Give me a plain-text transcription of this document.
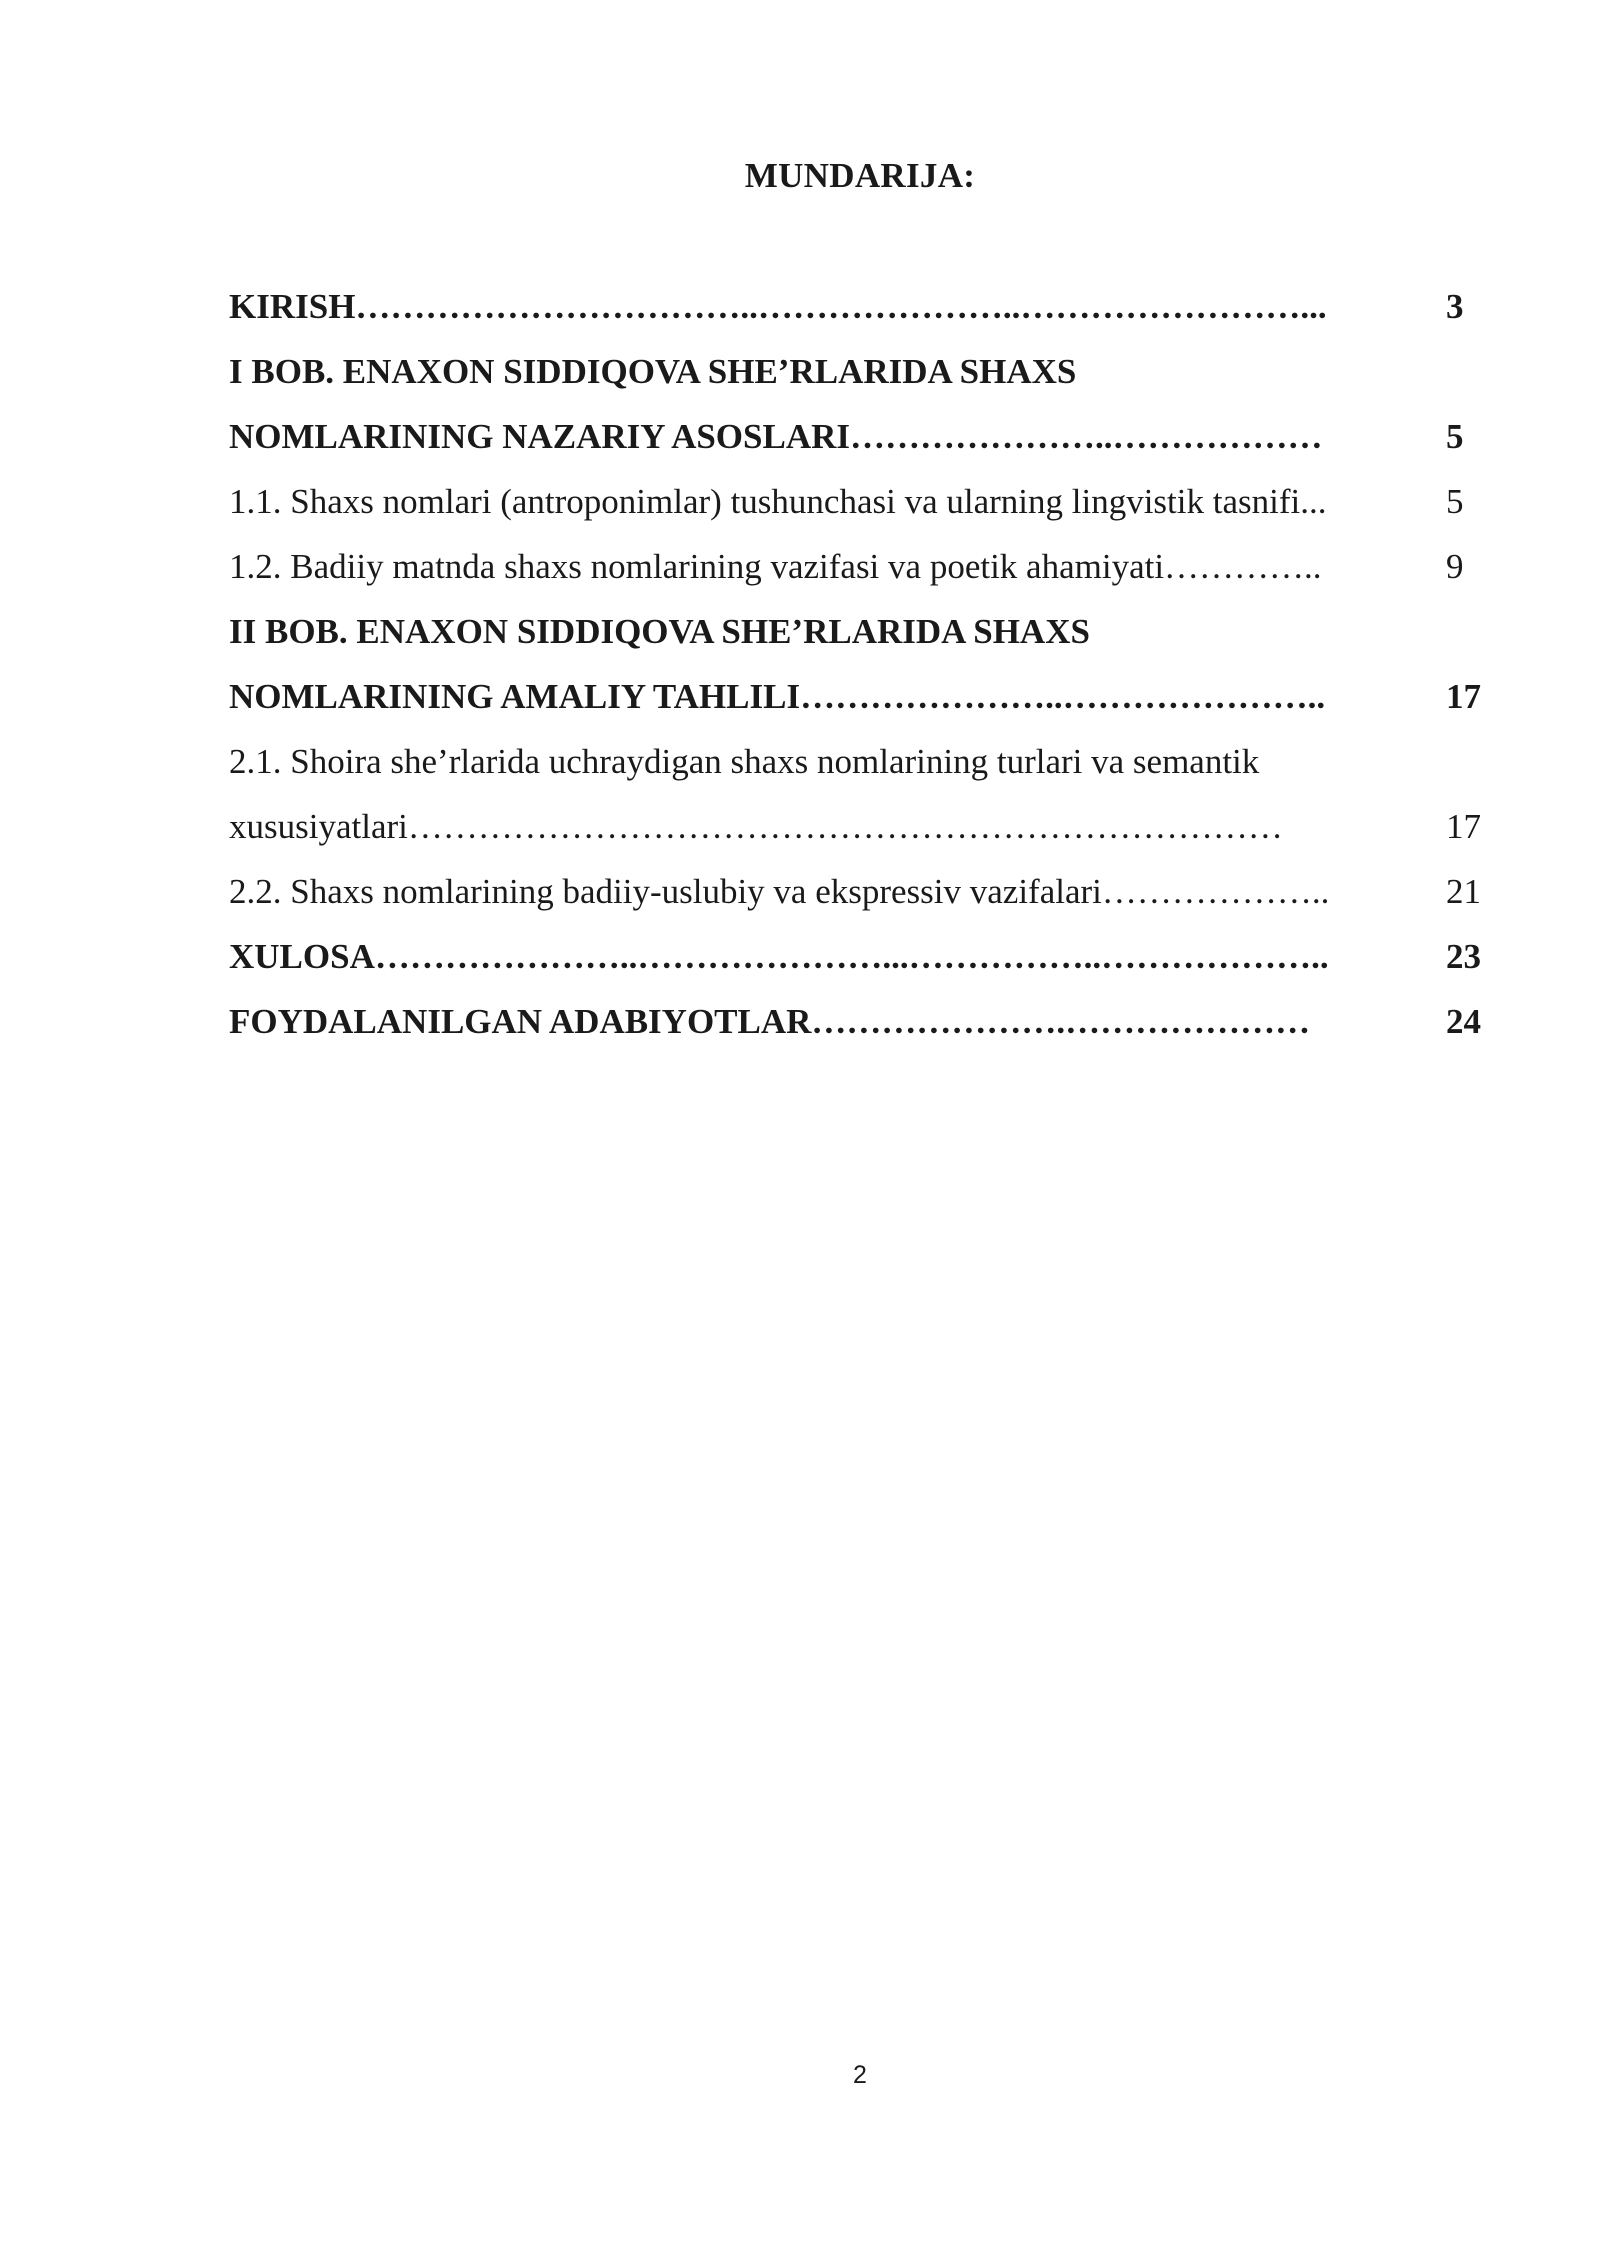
MUNDARIJA:
KIRISH……………………………..…………………..……………………...	3
I BOB. ENAXON SIDDIQOVA SHE’RLARIDA SHAXS
NOMLARINING NAZARIY ASOSLARI…………………..………………	5
1.1. Shaxs nomlari (antroponimlar) tushunchasi va ularning lingvistik tasnifi...	5
1.2. Badiiy matnda shaxs nomlarining vazifasi va poetik ahamiyati…………..	9
II BOB. ENAXON SIDDIQOVA SHE’RLARIDA SHAXS
NOMLARINING AMALIY TAHLILI…………………..…………………..	17
2.1. Shoira she’rlarida uchraydigan shaxs nomlarining turlari va semantik
xususiyatlari…………………………………………………………………	17
2.2. Shaxs nomlarining badiiy-uslubiy va ekspressiv vazifalari………………..	21
XULOSA…………………..…………………...……………..………………..	23
FOYDALANILGAN ADABIYOTLAR………………….…………………	24
2
